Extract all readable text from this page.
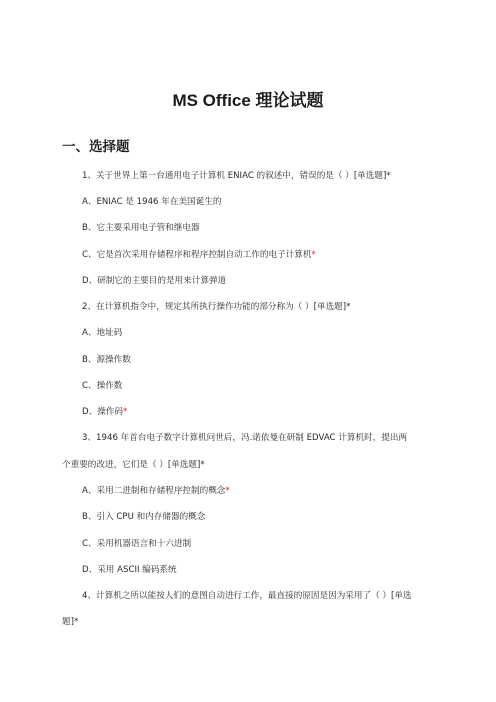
MS Office 理论试题
一、选择题
1、关于世界上第一台通用电子计算机 ENIAC 的叙述中，错误的是（ ）[单选题]*
A、ENIAC 是 1946 年在美国诞生的
B、它主要采用电子管和继电器
C、它是首次采用存储程序和程序控制自动工作的电子计算机*
D、研制它的主要目的是用来计算弹道
2、在计算机指令中，规定其所执行操作功能的部分称为（ ）[单选题]*
A、地址码
B、源操作数
C、操作数
D、操作码*
3、1946 年首台电子数字计算机问世后，冯.诺依曼在研制 EDVAC 计算机时，提出两
个重要的改进，它们是（ ）[单选题]*
A、采用二进制和存储程序控制的概念*
B、引入 CPU 和内存储器的概念
C、采用机器语言和十六进制
D、采用 ASCII 编码系统
4、计算机之所以能按人们的意图自动进行工作，最直接的原因是因为采用了（ ）[单选
题]*
